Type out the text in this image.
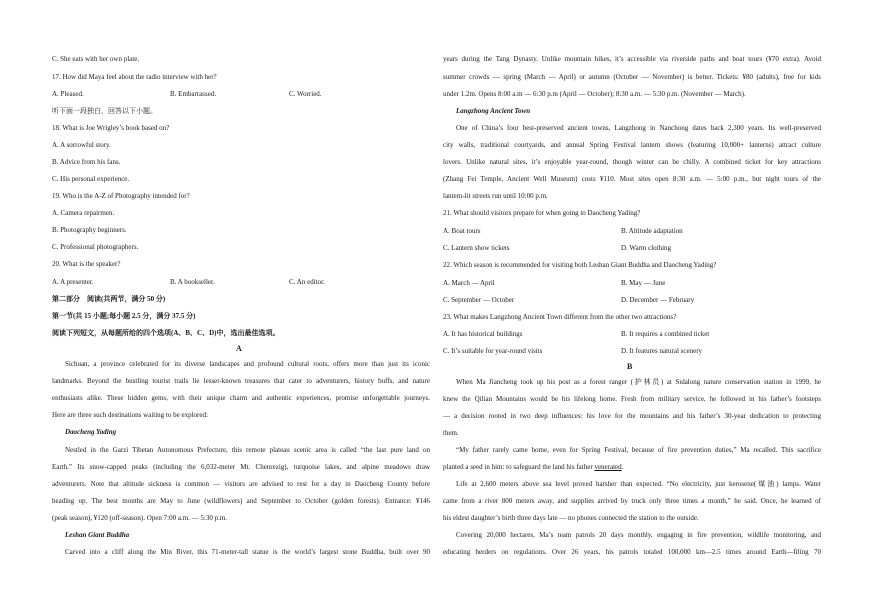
C. She eats with her own plate.
17. How did Maya feel about the radio interview with her?
A. Pleased.	B. Embarrassed.	C. Worried.
听下面一段独白，回答以下小题。
18. What is Joe Wrigley’s book based on?
A. A sorrowful story.
B. Advice from his fans.
C. His personal experience.
19. Who is the A-Z of Photography intended for?
A. Camera repairmen.
B. Photography beginners.
C. Professional photographers.
20. What is the speaker?
A. A presenter.	B. A bookseller.	C. An editor.
第二部分　阅读(共两节，满分 50 分)
第一节(共 15 小题;每小题 2.5 分，满分 37.5 分)
阅读下列短文，从每题所给的四个选项(A、B、C、D)中，选出最佳选项。
A
Sichuan, a province celebrated for its diverse landscapes and profound cultural roots, offers more than just its iconic
landmarks. Beyond the bustling tourist trails lie lesser-known treasures that cater to adventurers, history buffs, and nature
enthusiasts alike. These hidden gems, with their unique charm and authentic experiences, promise unforgettable journeys.
Here are three such destinations waiting to be explored:
Daocheng Yading
Nestled in the Garzi Tibetan Autonomous Prefecture, this remote plateau scenic area is called “the last pure land on
Earth.” Its snow-capped peaks (including the 6,032-meter Mt. Chenrezig), turquoise lakes, and alpine meadows draw
adventurers. Note that altitude sickness is common — visitors are advised to rest for a day in Daocheng County before
heading up. The best months are May to June (wildflowers) and September to October (golden forests). Entrance: ¥146
(peak season), ¥120 (off-season). Open 7:00 a.m. — 5:30 p.m.
Leshan Giant Buddha
Carved into a cliff along the Min River, this 71-meter-tall statue is the world’s largest stone Buddha, built over 90
years during the Tang Dynasty. Unlike mountain hikes, it’s accessible via riverside paths and boat tours (¥70 extra). Avoid
summer crowds — spring (March — April) or autumn (October — November) is better. Tickets: ¥80 (adults), free for kids
under 1.2m. Opens 8:00 a.m — 6:30 p.m (April — October); 8:30 a.m. — 5:30 p.m. (November — March).
Langzhong Ancient Town
One of China’s four best-preserved ancient towns, Langzhong in Nanchong dates back 2,300 years. Its well-preserved
city walls, traditional courtyards, and annual Spring Festival lantern shows (featuring 10,000+ lanterns) attract culture
lovers. Unlike natural sites, it’s enjoyable year-round, though winter can be chilly. A combined ticket for key attractions
(Zhang Fei Temple, Ancient Well Museum) costs ¥110. Most sites open 8:30 a.m. — 5:00 p.m., but night tours of the
lantern-lit streets run until 10:00 p.m.
21. What should visitors prepare for when going to Daocheng Yading?
A. Boat tours	B. Altitude adaptation
C. Lantern show tickets	D. Warm clothing
22. Which season is recommended for visiting both Leshan Giant Buddha and Daocheng Yading?
A. March — April	B. May — June
C. September — October	D. December — February
23. What makes Langzhong Ancient Town different from the other two attractions?
A. It has historical buildings	B. It requires a combined ticket
C. It’s suitable for year-round visits	D. It features natural scenery
B
When Ma Jiancheng took up his post as a forest ranger (护林员) at Sidalong nature conservation station in 1999, he
knew the Qilian Mountains would be his lifelong home. Fresh from military service, he followed in his father’s footsteps
— a decision rooted in two deep influences: his love for the mountains and his father’s 30-year dedication to protecting
them.
“My father rarely came home, even for Spring Festival, because of fire prevention duties,” Ma recalled. This sacrifice
planted a seed in him: to safeguard the land his father venerated.
Life at 2,600 meters above sea level proved harsher than expected. “No electricity, just kerosene(煤油) lamps. Water
came from a river 800 meters away, and supplies arrived by truck only three times a month,” he said. Once, he learned of
his eldest daughter’s birth three days late — no phones connected the station to the outside.
Covering 20,000 hectares, Ma’s team patrols 20 days monthly, engaging in fire prevention, wildlife monitoring, and
educating herders on regulations. Over 26 years, his patrols totaled 100,000 km—2.5 times around Earth—filing 70
